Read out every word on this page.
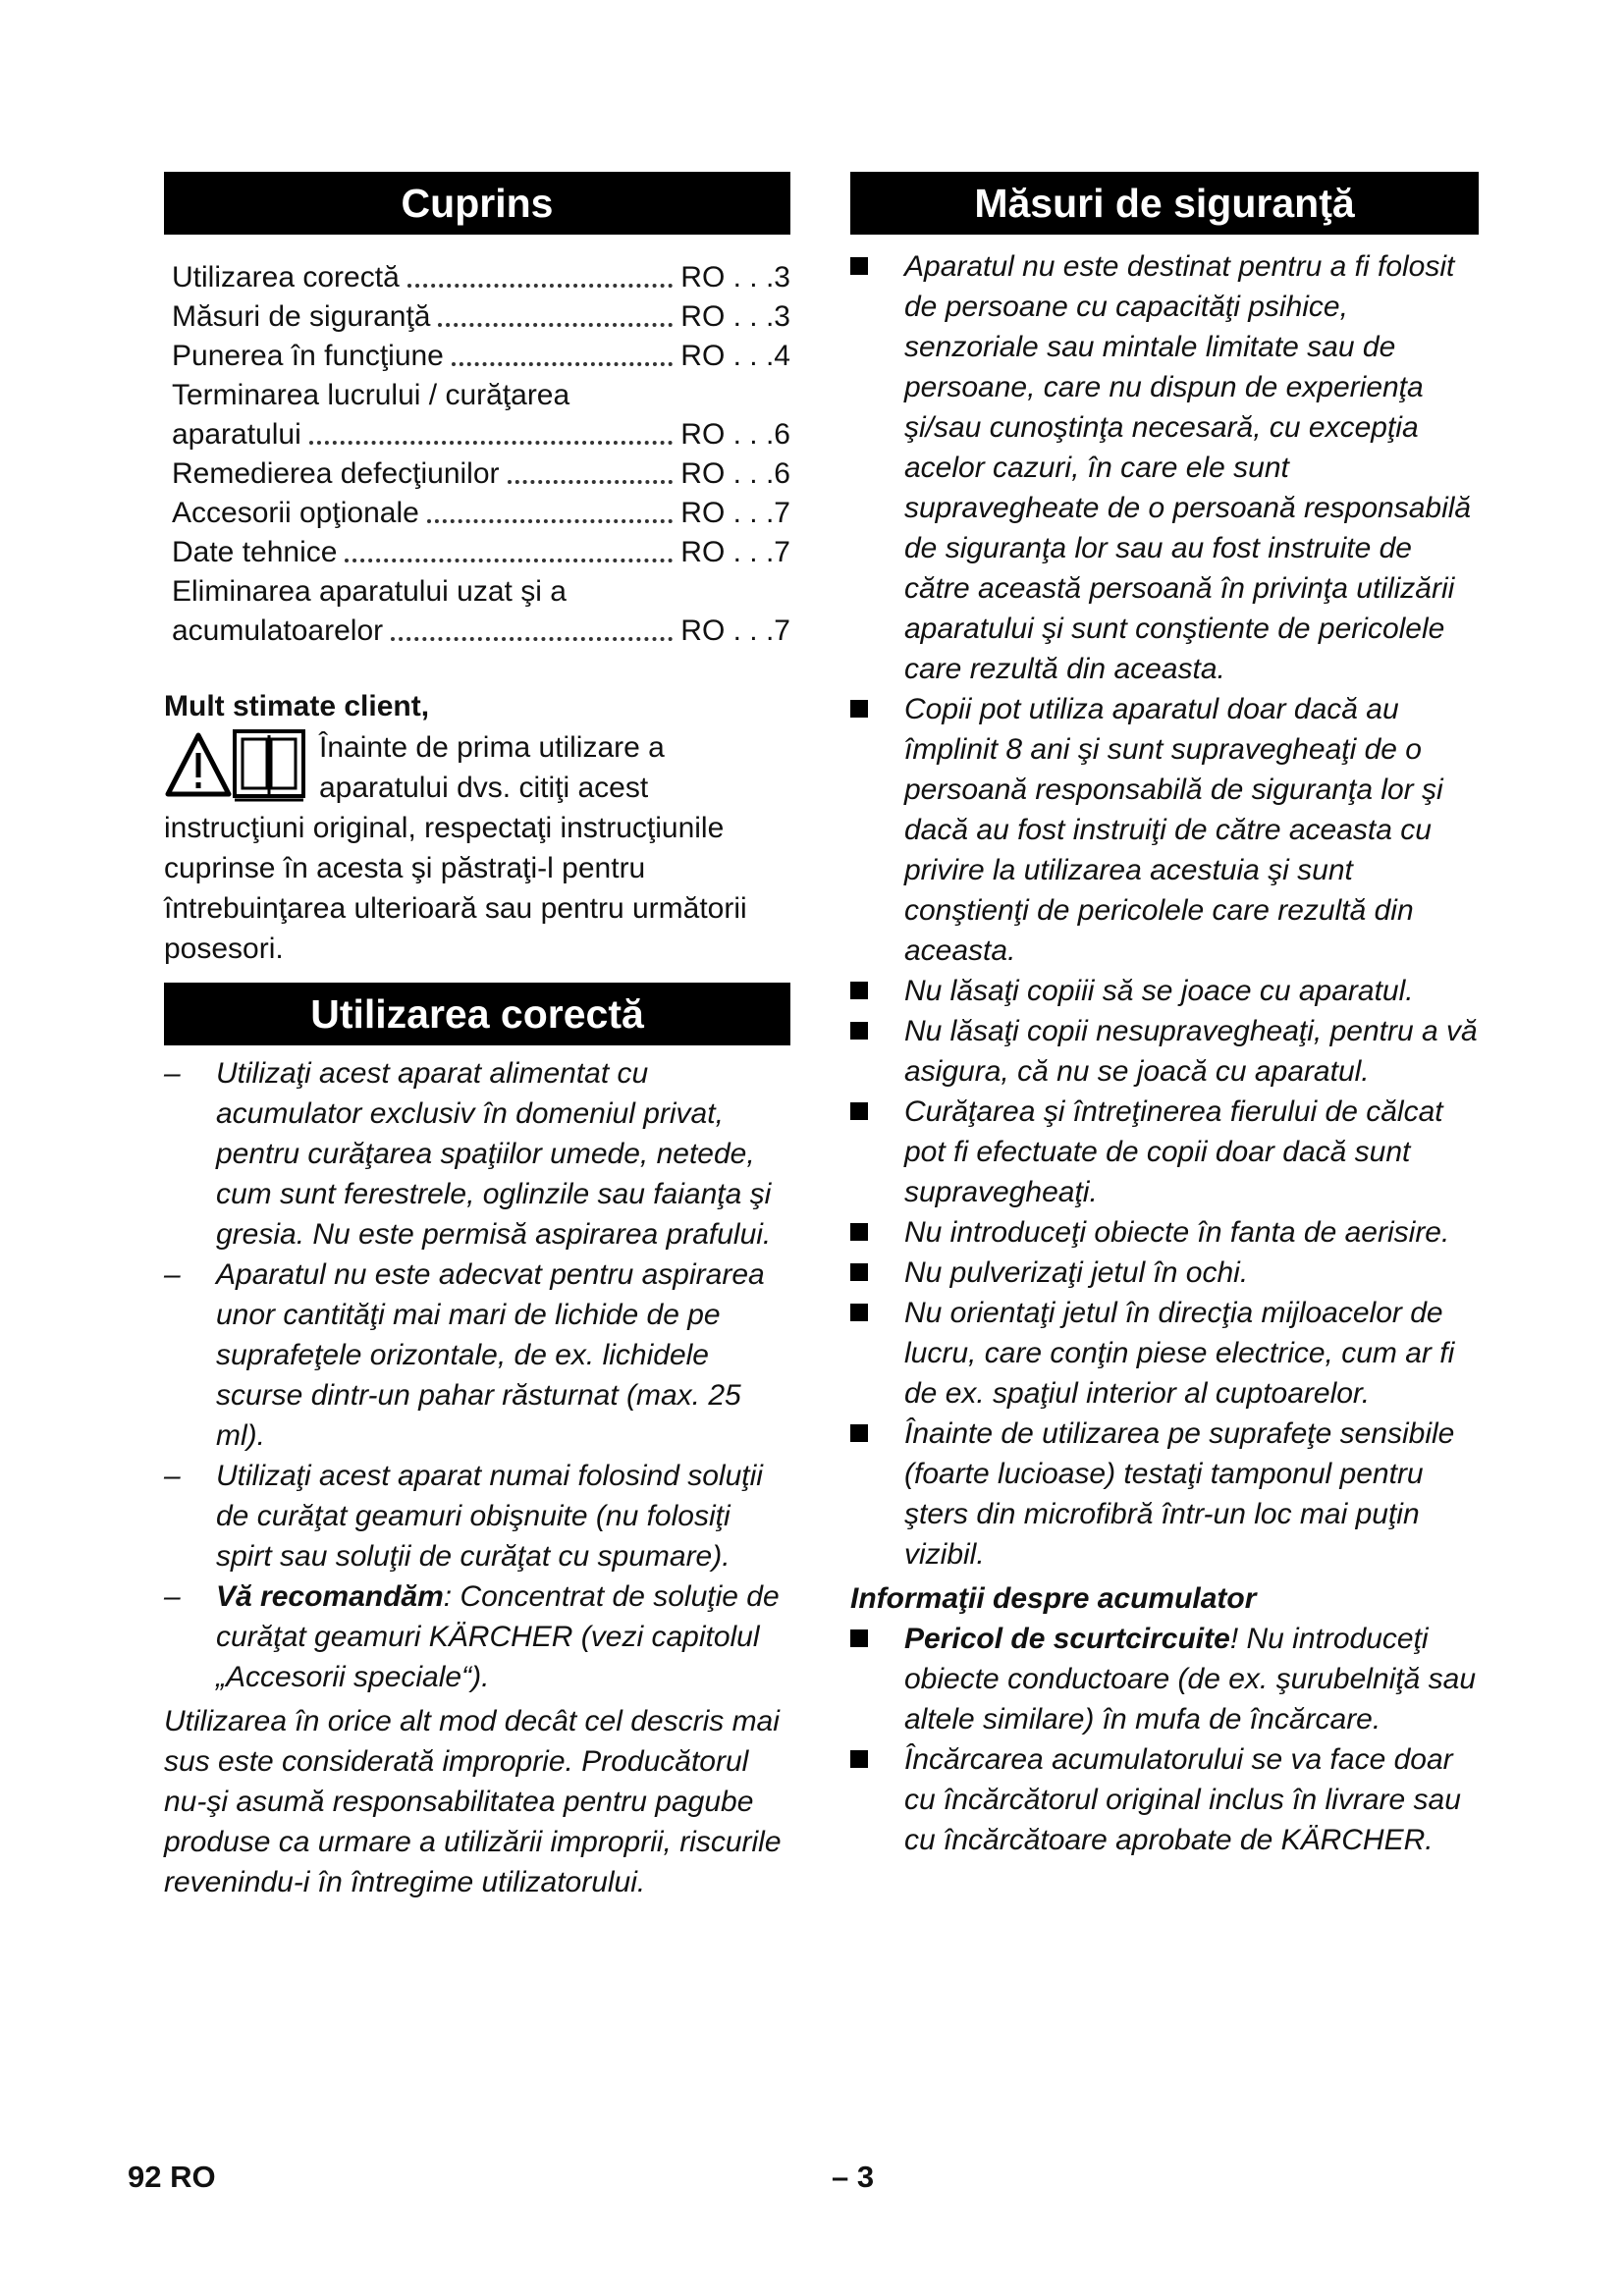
Cuprins
Utilizarea corectă	RO . . .3
Măsuri de siguranţă	RO . . .3
Punerea în funcţiune	RO . . .4
Terminarea lucrului / curăţarea
aparatului	RO . . .6
Remedierea defecţiunilor	RO . . .6
Accesorii opţionale	RO . . .7
Date tehnice	RO . . .7
Eliminarea aparatului uzat şi a
acumulatoarelor	RO . . .7
Mult stimate client,

Înainte de prima utilizare a aparatului dvs. citiţi acest instrucţiuni original, respectaţi instrucţiunile cuprinse în acesta şi păstraţi-l pentru întrebuinţarea ulterioară sau pentru următorii posesori.

Utilizarea corectă

– Utilizaţi acest aparat alimentat cu acumulator exclusiv în domeniul privat, pentru curăţarea spaţiilor umede, netede, cum sunt ferestrele, oglinzile sau faianţa şi gresia. Nu este permisă aspirarea prafului.

– Aparatul nu este adecvat pentru aspirarea unor cantităţi mai mari de lichide de pe suprafeţele orizontale, de ex. lichidele scurse dintr-un pahar răsturnat (max. 25 ml).

– Utilizaţi acest aparat numai folosind soluţii de curăţat geamuri obişnuite (nu folosiţi spirt sau soluţii de curăţat cu spumare).

– Vă recomandăm: Concentrat de soluţie de curăţat geamuri KÄRCHER (vezi capitolul „Accesorii speciale“).

Utilizarea în orice alt mod decât cel descris mai sus este considerată improprie. Producătorul nu-şi asumă responsabilitatea pentru pagube produse ca urmare a utilizării improprii, riscurile revenindu-i în întregime utilizatorului.

Măsuri de siguranţă

Aparatul nu este destinat pentru a fi folosit de persoane cu capacităţi psihice, senzoriale sau mintale limitate sau de persoane, care nu dispun de experienţa şi/sau cunoştinţa necesară, cu excepţia acelor cazuri, în care ele sunt supravegheate de o persoană responsabilă de siguranţa lor sau au fost instruite de către această persoană în privinţa utilizării aparatului şi sunt conştiente de pericolele care rezultă din aceasta.

Copii pot utiliza aparatul doar dacă au împlinit 8 ani şi sunt supravegheaţi de o persoană responsabilă de siguranţa lor şi dacă au fost instruiţi de către aceasta cu privire la utilizarea acestuia şi sunt conştienţi de pericolele care rezultă din aceasta.

Nu lăsaţi copiii să se joace cu aparatul.

Nu lăsaţi copii nesupravegheaţi, pentru a vă asigura, că nu se joacă cu aparatul.

Curăţarea şi întreţinerea fierului de călcat pot fi efectuate de copii doar dacă sunt supravegheaţi.

Nu introduceţi obiecte în fanta de aerisire.

Nu pulverizaţi jetul în ochi.

Nu orientaţi jetul în direcţia mijloacelor de lucru, care conţin piese electrice, cum ar fi de ex. spaţiul interior al cuptoarelor.

Înainte de utilizarea pe suprafeţe sensibile (foarte lucioase) testaţi tamponul pentru şters din microfibră într-un loc mai puţin vizibil.

Informaţii despre acumulator

Pericol de scurtcircuite! Nu introduceţi obiecte conductoare (de ex. şurubelniţă sau altele similare) în mufa de încărcare.

Încărcarea acumulatorului se va face doar cu încărcătorul original inclus în livrare sau cu încărcătoare aprobate de KÄRCHER.

92 RO	– 3
